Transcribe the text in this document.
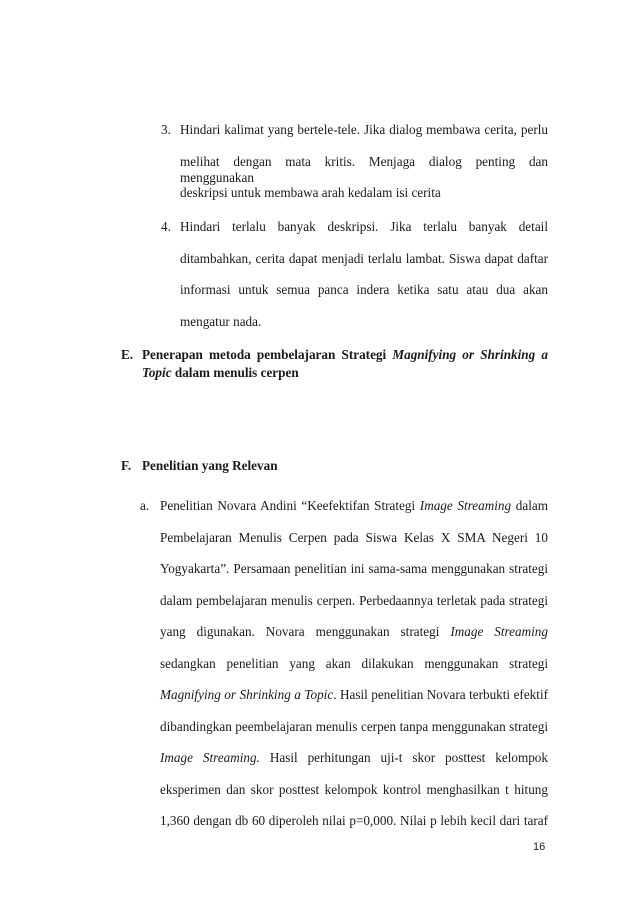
3. Hindari kalimat yang bertele-tele. Jika dialog membawa cerita, perlu
melihat dengan mata kritis. Menjaga dialog penting dan menggunakan
deskripsi untuk membawa arah kedalam isi cerita
4. Hindari terlalu banyak deskripsi. Jika terlalu banyak detail
ditambahkan, cerita dapat menjadi terlalu lambat. Siswa dapat daftar
informasi untuk semua panca indera ketika satu atau dua akan
mengatur nada.
E. Penerapan metoda pembelajaran Strategi Magnifying or Shrinking a
Topic dalam menulis cerpen
F. Penelitian yang Relevan
a. Penelitian Novara Andini “Keefektifan Strategi Image Streaming dalam
Pembelajaran Menulis Cerpen pada Siswa Kelas X SMA Negeri 10
Yogyakarta”. Persamaan penelitian ini sama-sama menggunakan strategi
dalam pembelajaran menulis cerpen. Perbedaannya terletak pada strategi
yang digunakan. Novara menggunakan strategi Image Streaming
sedangkan penelitian yang akan dilakukan menggunakan strategi
Magnifying or Shrinking a Topic. Hasil penelitian Novara terbukti efektif
dibandingkan peembelajaran menulis cerpen tanpa menggunakan strategi
Image Streaming. Hasil perhitungan uji-t skor posttest kelompok
eksperimen dan skor posttest kelompok kontrol menghasilkan t hitung
1,360 dengan db 60 diperoleh nilai p=0,000. Nilai p lebih kecil dari taraf
16
